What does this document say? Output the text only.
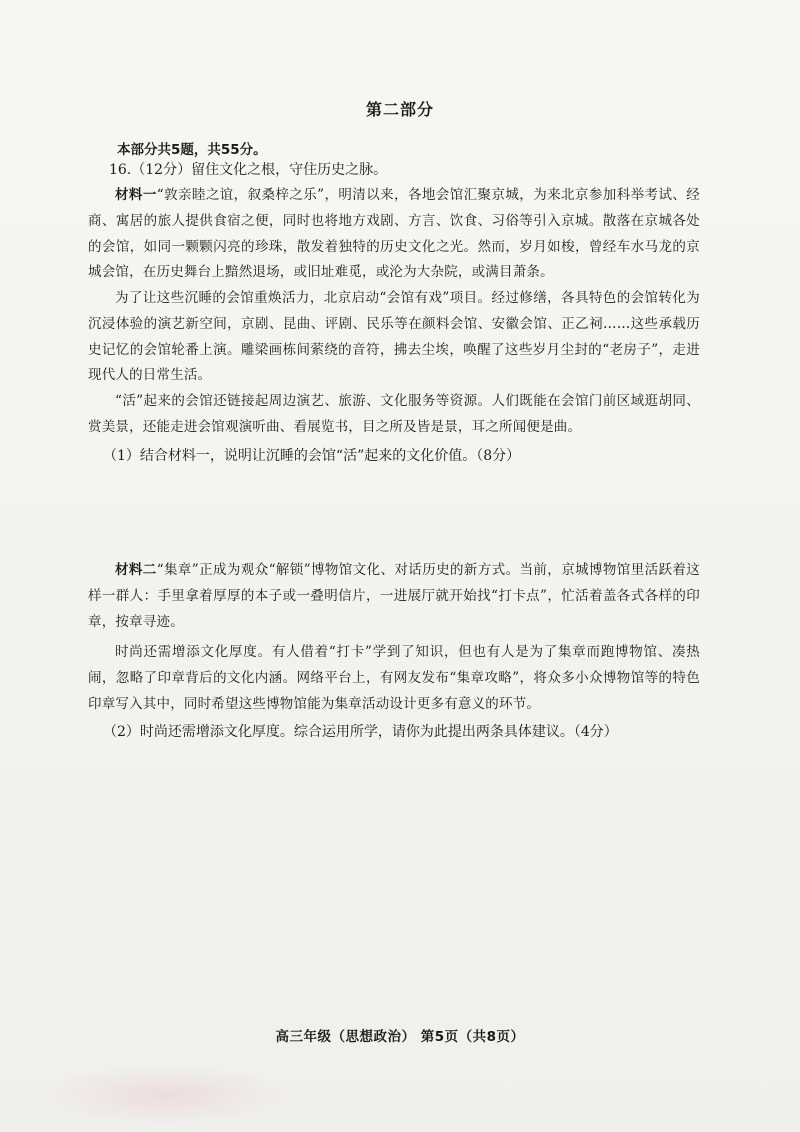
第二部分
本部分共5题，共55分。
16.（12分）留住文化之根，守住历史之脉。
材料一“敦亲睦之谊，叙桑梓之乐”，明清以来，各地会馆汇聚京城，为来北京参加科举考试、经商、寓居的旅人提供食宿之便，同时也将地方戏剧、方言、饮食、习俗等引入京城。散落在京城各处的会馆，如同一颗颗闪亮的珍珠，散发着独特的历史文化之光。然而，岁月如梭，曾经车水马龙的京城会馆，在历史舞台上黯然退场，或旧址难觅，或沦为大杂院，或满目萧条。
为了让这些沉睡的会馆重焕活力，北京启动“会馆有戏”项目。经过修缮，各具特色的会馆转化为沉浸体验的演艺新空间，京剧、昆曲、评剧、民乐等在颜料会馆、安徽会馆、正乙祠……这些承载历史记忆的会馆轮番上演。雕梁画栋间萦绕的音符，拂去尘埃，唤醒了这些岁月尘封的“老房子”，走进现代人的日常生活。
“活”起来的会馆还链接起周边演艺、旅游、文化服务等资源。人们既能在会馆门前区域逛胡同、赏美景，还能走进会馆观演听曲、看展览书，目之所及皆是景，耳之所闻便是曲。
（1）结合材料一，说明让沉睡的会馆“活”起来的文化价值。（8分）
材料二“集章”正成为观众“解锁”博物馆文化、对话历史的新方式。当前，京城博物馆里活跃着这样一群人：手里拿着厚厚的本子或一叠明信片，一进展厅就开始找“打卡点”，忙活着盖各式各样的印章，按章寻迹。
时尚还需增添文化厚度。有人借着“打卡”学到了知识，但也有人是为了集章而跑博物馆、凑热闹，忽略了印章背后的文化内涵。网络平台上，有网友发布“集章攻略”，将众多小众博物馆等的特色印章写入其中，同时希望这些博物馆能为集章活动设计更多有意义的环节。
（2）时尚还需增添文化厚度。综合运用所学，请你为此提出两条具体建议。（4分）
高三年级（思想政治） 第5页（共8页）
